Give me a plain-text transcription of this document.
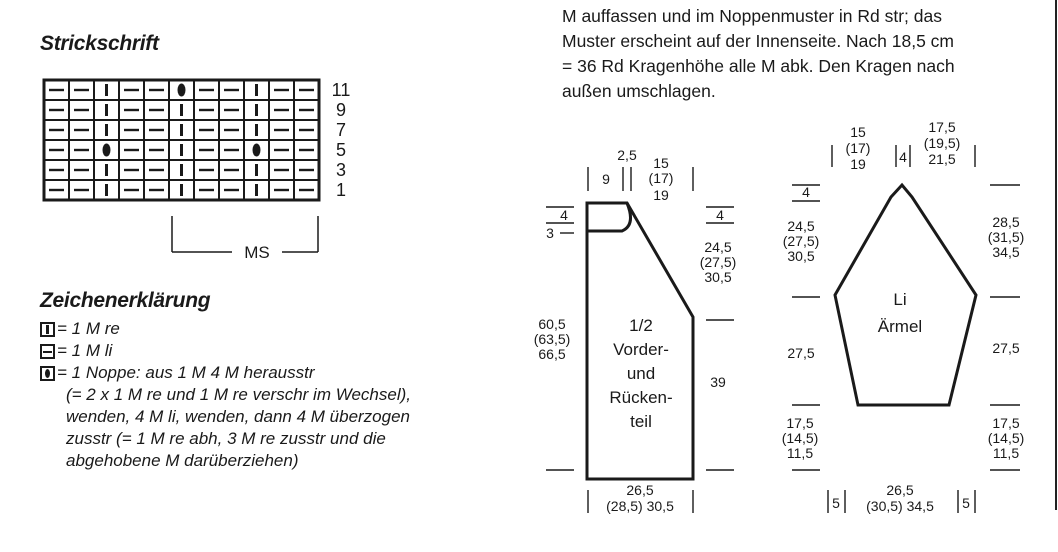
Strickschrift
11
9
7
5
3
1
MS
Zeichenerklärung
= 1 M re
= 1 M li
= 1 Noppe: aus 1 M 4 M herausstr
(= 2 x 1 M re und 1 M re verschr im Wechsel),
wenden, 4 M li, wenden, dann 4 M überzogen
zusstr (= 1 M re abh, 3 M re zusstr und die
abgehobene M darüberziehen)
M auffassen und im Noppenmuster in Rd str; das
Muster erscheint auf der Innenseite. Nach 18,5 cm
= 36 Rd Kragenhöhe alle M abk. Den Kragen nach
außen umschlagen.
9
2,5 15
(17)
19
4
3
60,5
(63,5)
66,5
4
24,5
(27,5)
30,5
39
26,5
(28,5) 30,5
1/2
Vorder-
und
Rücken-
teil
15
(17)
19 4
17,5
(19,5)
21,5
4
24,5
(27,5)
30,5
27,5
17,5
(14,5)
11,5
28,5
(31,5)
34,5
27,5
17,5
(14,5)
11,5
5
26,5
(30,5) 34,5 5
Li
Ärmel
